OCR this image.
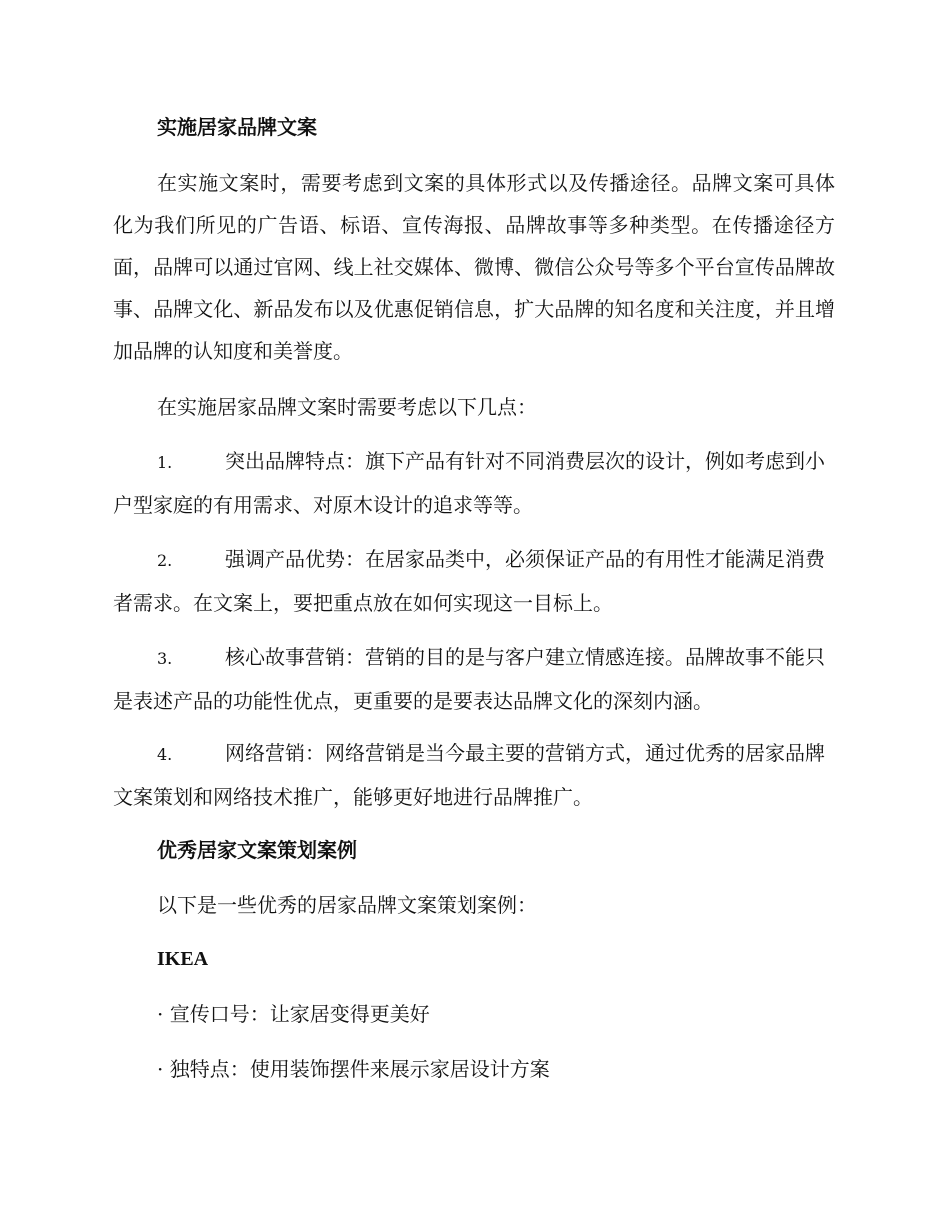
实施居家品牌文案

在实施文案时，需要考虑到文案的具体形式以及传播途径。品牌文案可具体化为我们所见的广告语、标语、宣传海报、品牌故事等多种类型。在传播途径方面，品牌可以通过官网、线上社交媒体、微博、微信公众号等多个平台宣传品牌故事、品牌文化、新品发布以及优惠促销信息，扩大品牌的知名度和关注度，并且增加品牌的认知度和美誉度。

在实施居家品牌文案时需要考虑以下几点：

1.	突出品牌特点：旗下产品有针对不同消费层次的设计，例如考虑到小户型家庭的有用需求、对原木设计的追求等等。

2.	强调产品优势：在居家品类中，必须保证产品的有用性才能满足消费者需求。在文案上，要把重点放在如何实现这一目标上。

3.	核心故事营销：营销的目的是与客户建立情感连接。品牌故事不能只是表述产品的功能性优点，更重要的是要表达品牌文化的深刻内涵。

4.	网络营销：网络营销是当今最主要的营销方式，通过优秀的居家品牌文案策划和网络技术推广，能够更好地进行品牌推广。

优秀居家文案策划案例
以下是一些优秀的居家品牌文案策划案例：
IKEA
· 宣传口号：让家居变得更美好
· 独特点：使用装饰摆件来展示家居设计方案
